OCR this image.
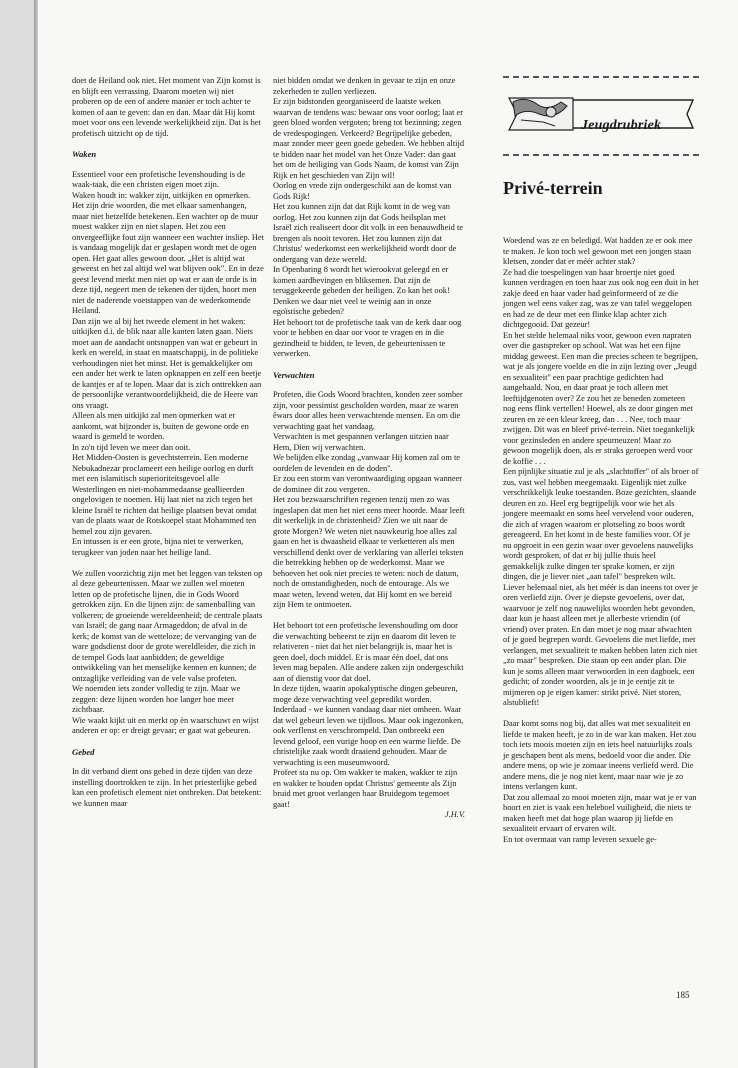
doet de Heiland ook niet. Het moment van Zijn komst is en blijft een verrassing. Daarom moeten wij niet proberen op de een of andere manier er toch achter te komen of aan te geven: dan en dan. Maar dát Hij komt moet voor ons een levende werkelijkheid zijn. Dat is het profetisch uitzicht op de tijd.

Waken

Essentieel voor een profetische levenshouding is de waak-taak, die een christen eigen moet zijn.

Waken houdt in: wakker zijn, uitkijken en opmerken. Het zijn drie woorden, die met elkaar samenhangen, maar niet hetzelfde betekenen. Een wachter op de muur moest wakker zijn en niet slapen. Het zou een onvergeeflijke fout zijn wanneer een wachter insliep. Het is vandaag mogelijk dat er geslapen wordt met de ogen open. Het gaat alles gewoon door. „Het is altijd wat geweest en het zal altijd wel wat blijven ook". En in deze geest levend merkt men niet op wat er aan de orde is in deze tijd, negeert men de tekenen der tijden, hoort men niet de naderende voetstappen van de wederkomende Heiland.

Dan zijn we al bij het tweede element in het waken: uitkijken d.i. de blik naar alle kanten laten gaan. Niets moet aan de aandacht ontsnappen van wat er gebeurt in kerk en wereld, in staat en maatschappij, in de politieke verhoudingen niet het minst. Het is gemakkelijker om een ander het werk te laten opknappen en zelf een beetje de kantjes er af te lopen. Maar dat is zich onttrekken aan de persoonlijke verantwoordelijkheid, die de Heere van ons vraagt.

Alleen als men uitkijkt zal men opmerken wat er aankomt, wat bijzonder is, buiten de gewone orde en waard is gemeld te worden.

In zo'n tijd leven we meer dan ooit.

Het Midden-Oosten is gevechtsterrein. Een moderne Nebukadnezar proclameert een heilige oorlog en durft met een islamitisch superioriteitsgevoel alle Westerlingen en niet-mohammedaanse geallieerden ongelovigen te noemen. Hij laat niet na zich tegen het kleine Israël te richten dat heilige plaatsen bevat omdat van de plaats waar de Rotskoepel staat Mohammed ten hemel zou zijn gevaren.

En intussen is er een grote, bijna niet te verwerken, terugkeer van joden naar het heilige land.

We zullen voorzichtig zijn met het leggen van teksten op al deze gebeurtenissen. Maar we zullen wel moeten letten op de profetische lijnen, die in Gods Woord getrokken zijn. En die lijnen zijn: de samenballing van volkeren; de groeiende wereldeenheid; de centrale plaats van Israël; de gang naar Armageddon; de afval in de kerk; de komst van de wetteloze; de vervanging van de ware godsdienst door de grote wereldleider, die zich in de tempel Gods laat aanbidden; de geweldige ontwikkeling van het menselijke kennen en kunnen; de ontzaglijke verleiding van de vele valse profeten.

We noemden iets zonder volledig te zijn. Maar we zeggen: deze lijnen worden hoe langer hoe meer zichtbaar.

Wie waakt kijkt uit en merkt op èn waarschuwt en wijst anderen er op: er dreigt gevaar; er gaat wat gebeuren.

Gebed

In dit verband dient ons gebed in deze tijden van deze instelling doortrokken te zijn. In het priesterlijke gebed kan een profetisch element niet ontbreken. Dat betekent: we kunnen maar

niet bidden omdat we denken in gevaar te zijn en onze zekerheden te zullen verliezen.

Er zijn bidstonden georganiseerd de laatste weken waarvan de tendens was: bewaar ons voor oorlog; laat er geen bloed worden vergoten; breng tot bezinning; zegen de vredespogingen. Verkeerd? Begrijpelijke gebeden, maar zonder meer geen goede gebeden. We hebben altijd te bidden naar het model van het Onze Vader: dan gaat het om de heiliging van Gods Naam, de komst van Zijn Rijk en het geschieden van Zijn wil!

Oorlog en vrede zijn ondergeschikt aan de komst van Gods Rijk!

Het zou kunnen zijn dat dat Rijk komt in de weg van oorlog. Het zou kunnen zijn dat Gods heilsplan met Israël zich realiseert door dit volk in een benauwdheid te brengen als nooit tevoren. Het zou kunnen zijn dat Christus' wederkomst een werkelijkheid wordt door de ondergang van deze wereld.

In Openbaring 8 wordt het wierookvat geleegd en er komen aardbevingen en bliksemen. Dat zijn de teruggekeerde gebeden der heiligen. Zo kan het ook! Denken we daar niet veel te weinig aan in onze egoïstische gebeden?

Het behoort tot de profetische taak van de kerk daar oog voor te hebben en daar oor voor te vragen en in die gezindheid te bidden, te leven, de gebeurtenissen te verwerken.

Verwachten

Profeten, die Gods Woord brachten, konden zeer somber zijn, voor pessimist gescholden worden, maar ze waren êwars door alles heen verwachtende mensen. En om die verwachting gaat het vandaag.

Verwachten is met gespannen verlangen uitzien naar Hem, Dien wij verwachten.

We belijden elke zondag „vanwaar Hij komen zal om te oordelen de levenden en de doden".

Er zou een storm van verontwaardiging opgaan wanneer de dominee dit zou vergeten.

Het zou bezwaarschriften regenen tenzij men zo was ingeslapen dat men het niet eens meer hoorde. Maar leeft dit werkelijk in de christenheid? Zien we uit naar de grote Morgen? We weten niet nauwkeurig hoe alles zal gaan en het is dwaasheid elkaar te verketteren als men verschillend denkt over de verklaring van allerlei teksten die betrekking hebben op de wederkomst. Maar we behoeven het ook niet precies te weten: noch de datum, noch de omstandigheden, noch de entourage. Als we maar weten, levend weten, dat Hij komt en we bereid zijn Hem te ontmoeten.

Het behoort tot een profetische levenshouding om door die verwachting beheerst te zijn en daarom dit leven te relativeren - niet dat het niet belangrijk is, maar het is geen doel, doch middel. Er is maar één doel, dat ons leven mag bepalen. Alle andere zaken zijn ondergeschikt aan of dienstig voor dat doel.

In deze tijden, waarin apokalyptische dingen gebeuren, moge deze verwachting veel gepredikt worden. Inderdaad - we kunnen vandaag daar niet omheen. Waar dat wel gebeurt leven we tijdloos. Maar ook ingezonken, ook verflenst en verschrompeld. Dan ontbreekt een levend geloof, een vurige hoop en een warme liefde. De christelijke zaak wordt draaiend gehouden. Maar de verwachting is een museumwoord.

Profeet sta nu op. Om wakker te maken, wakker te zijn en wakker te houden opdat Christus' gemeente als Zijn bruid met groot verlangen haar Bruidegom tegemoet gaat!

J.H.V.

Jeugdrubriek
Privé-terrein

Woedend was ze en beledigd. Wat hadden ze er ook mee te maken. Je kon toch wel gewoon met een jongen staan kletsen, zonder dat er méér achter stak?

Ze had die toespelingen van haar broertje niet goed kunnen verdragen en toen haar zus ook nog een duit in het zakje deed en haar vader had geïnformeerd of ze die jongen wel eens vaker zag, was ze van tafel weggelopen en had ze de deur met een flinke klap achter zich dichtgegooid. Dat gezeur!

En het stelde helemaal niks voor, gewoon even napraten over die gastspreker op school. Wat was het een fijne middag geweest. Een man die precies scheen te begrijpen, wat je als jongere voelde en die in zijn lezing over „Jeugd en sexualiteit" een paar prachtige gedichten had aangehaald. Nou, en daar praat je toch alleen met leeftijdgenoten over? Ze zou het ze beneden zometeen nog eens flink vertellen! Hoewel, als ze door gingen met zeuren en ze een kleur kreeg, dan . . . Nee, toch maar zwijgen. Dit was en bleef privé-terrein. Niet toegankelijk voor gezinsleden en andere speurneuzen! Maar zo gewoon mogelijk doen, als er straks geroepen werd voor de koffie . . .

Een pijnlijke situatie zul je als „slachtoffer" of als broer of zus, vast wel hebben meegemaakt. Eigenlijk niet zulke verschrikkelijk leuke toestanden. Boze gezichten, slaande deuren en zo. Heel erg begrijpelijk voor wie het als jongere meemaakt en soms heel vervelend voor ouderen, die zich af vragen waarom er plotseling zo boos wordt gereageerd. En het komt in de beste families voor. Of je nu opgroeit in een gezin waar over gevoelens nauwelijks wordt gesproken, of dat er bij jullie thuis heel gemakkelijk zulke dingen ter sprake komen, er zijn dingen, die je liever niet „aan tafel" bespreken wilt. Liever helemaal niet, als het méér is dan ineens tot over je oren verliefd zijn. Over je diepste gevoelens, over dat, waarvoor je zelf nog nauwelijks woorden hebt gevonden, daar kun je haast alleen met je allerbeste vriendin (of vriend) over praten. En dan moet je nog maar afwachten of je goed begrepen wordt. Gevoelens die met liefde, met verlangen, met sexualiteit te maken hebben laten zich niet „zo maar" bespreken. Die staan op een ander plan. Die kun je soms alleen maar verwoorden in een dagboek, een gedicht; of zonder woorden, als je in je eentje zit te mijmeren op je eigen kamer: strikt privé. Niet storen, alstublieft!

Daar komt soms nog bij, dat alles wat met sexualiteit en liefde te maken heeft, je zo in de war kan maken. Het zou toch iets moois moeten zijn en iets heel natuurlijks zoals je geschapen bent als mens, bedoeld voor die ander. Die andere mens, op wie je zomaar ineens verliefd werd. Die andere mens, die je nog niet kent, maar naar wie je zo intens verlangen kunt.

Dat zou allemaal zo mooi moeten zijn, maar wat je er van hoort en ziet is vaak een heleboel vuiligheid, die niets te maken heeft met dat hoge plan waarop jij liefde en sexualiteit ervaart of ervaren wilt.

En tot overmaat van ramp leveren sexuele ge-

185
